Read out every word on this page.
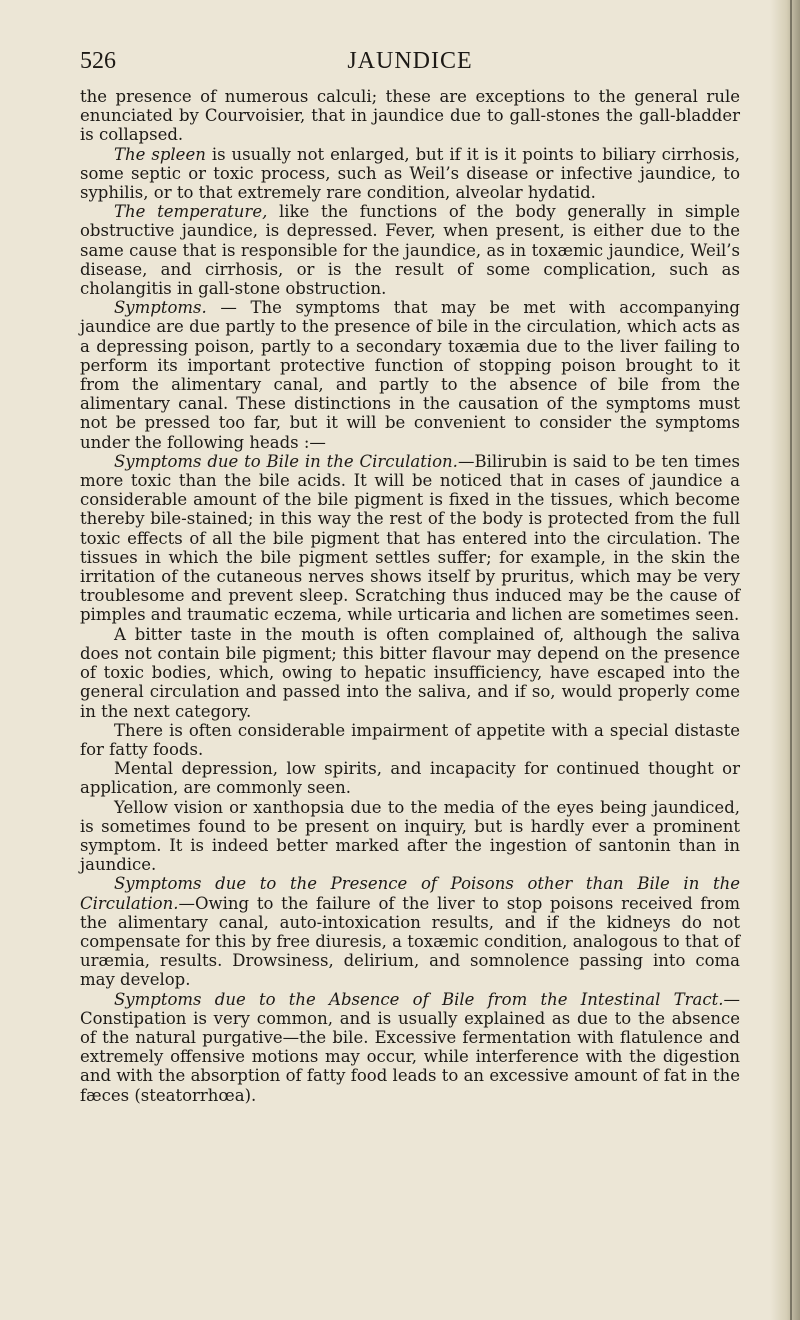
526	JAUNDICE

the presence of numerous calculi; these are exceptions to the general rule enunciated by Courvoisier, that in jaundice due to gall-stones the gall-bladder is collapsed.

The spleen is usually not enlarged, but if it is it points to biliary cirrhosis, some septic or toxic process, such as Weil’s disease or infective jaundice, to syphilis, or to that extremely rare condition, alveolar hydatid.

The temperature, like the functions of the body generally in simple obstructive jaundice, is depressed. Fever, when present, is either due to the same cause that is responsible for the jaundice, as in toxæmic jaundice, Weil’s disease, and cirrhosis, or is the result of some complication, such as cholangitis in gall-stone obstruction.

Symptoms. — The symptoms that may be met with accompanying jaundice are due partly to the presence of bile in the circulation, which acts as a depressing poison, partly to a secondary toxæmia due to the liver failing to perform its important protective function of stopping poison brought to it from the alimentary canal, and partly to the absence of bile from the alimentary canal. These distinctions in the causation of the symptoms must not be pressed too far, but it will be convenient to consider the symptoms under the following heads :—

Symptoms due to Bile in the Circulation.—Bilirubin is said to be ten times more toxic than the bile acids. It will be noticed that in cases of jaundice a considerable amount of the bile pigment is fixed in the tissues, which become thereby bile-stained; in this way the rest of the body is protected from the full toxic effects of all the bile pigment that has entered into the circulation. The tissues in which the bile pigment settles suffer; for example, in the skin the irritation of the cutaneous nerves shows itself by pruritus, which may be very troublesome and prevent sleep. Scratching thus induced may be the cause of pimples and traumatic eczema, while urticaria and lichen are sometimes seen.

A bitter taste in the mouth is often complained of, although the saliva does not contain bile pigment; this bitter flavour may depend on the presence of toxic bodies, which, owing to hepatic insufficiency, have escaped into the general circulation and passed into the saliva, and if so, would properly come in the next category.

There is often considerable impairment of appetite with a special distaste for fatty foods.

Mental depression, low spirits, and incapacity for continued thought or application, are commonly seen.

Yellow vision or xanthopsia due to the media of the eyes being jaundiced, is sometimes found to be present on inquiry, but is hardly ever a prominent symptom. It is indeed better marked after the ingestion of santonin than in jaundice.

Symptoms due to the Presence of Poisons other than Bile in the Circulation.—Owing to the failure of the liver to stop poisons received from the alimentary canal, auto-intoxication results, and if the kidneys do not compensate for this by free diuresis, a toxæmic condition, analogous to that of uræmia, results. Drowsiness, delirium, and somnolence passing into coma may develop.

Symptoms due to the Absence of Bile from the Intestinal Tract.— Constipation is very common, and is usually explained as due to the absence of the natural purgative—the bile. Excessive fermentation with flatulence and extremely offensive motions may occur, while interference with the digestion and with the absorption of fatty food leads to an excessive amount of fat in the fæces (steatorrhœa).
